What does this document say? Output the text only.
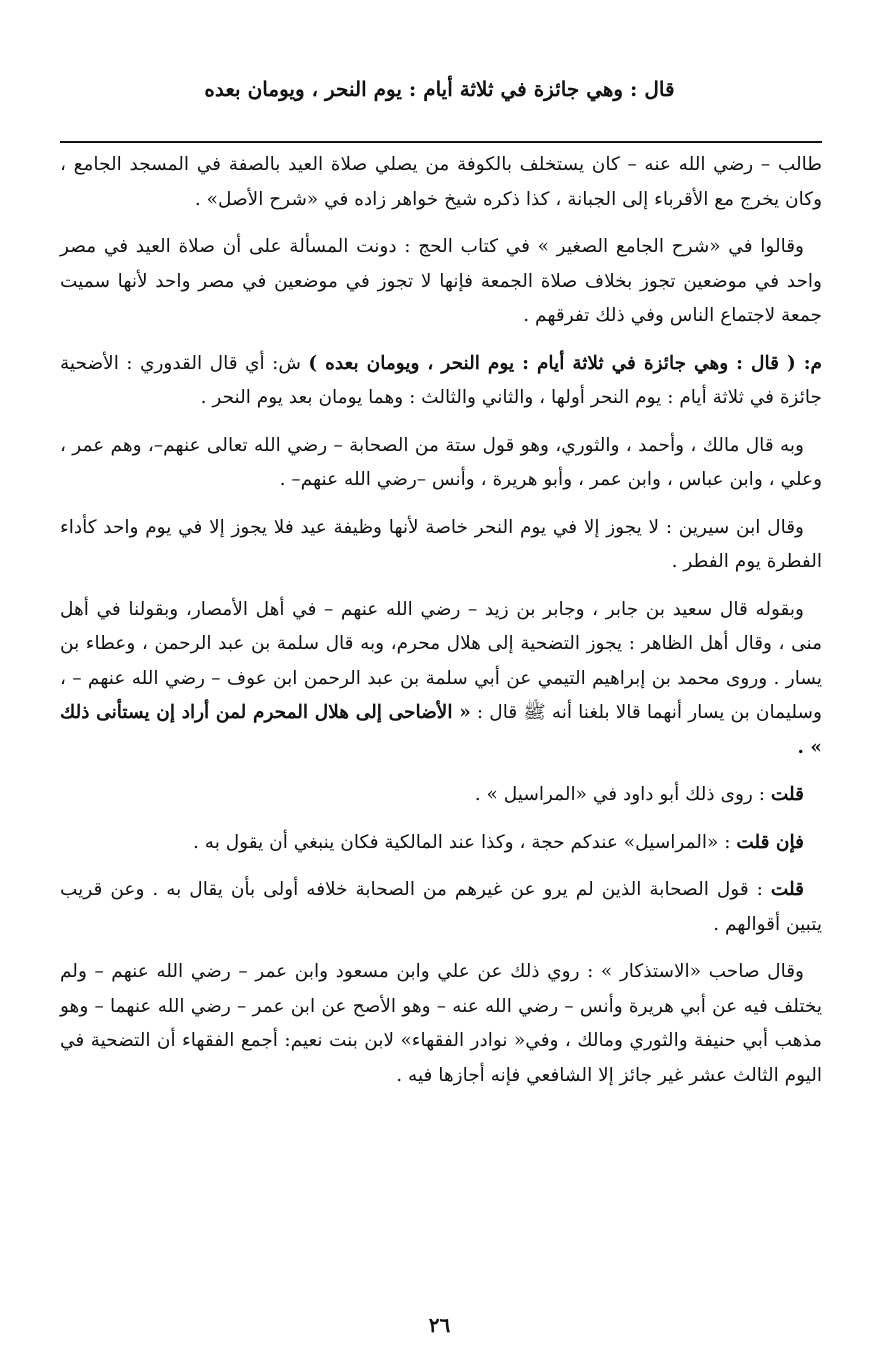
قال : وهي جائزة في ثلاثة أيام : يوم النحر ، ويومان بعده

طالب – رضي الله عنه – كان يستخلف بالكوفة من يصلي صلاة العيد بالصفة في المسجد الجامع ، وكان يخرج مع الأقرباء إلى الجبانة ، كذا ذكره شيخ خواهر زاده في «شرح الأصل» .

وقالوا في «شرح الجامع الصغير » في كتاب الحج : دونت المسألة على أن صلاة العيد في مصر واحد في موضعين تجوز بخلاف صلاة الجمعة فإنها لا تجوز في موضعين في مصر واحد لأنها سميت جمعة لاجتماع الناس وفي ذلك تفرقهم .

م: ( قال : وهي جائزة في ثلاثة أيام : يوم النحر ، ويومان بعده ) ش: أي قال القدوري : الأضحية جائزة في ثلاثة أيام : يوم النحر أولها ، والثاني والثالث : وهما يومان بعد يوم النحر .

وبه قال مالك ، وأحمد ، والثوري، وهو قول ستة من الصحابة – رضي الله تعالى عنهم–، وهم عمر ، وعلي ، وابن عباس ، وابن عمر ، وأبو هريرة ، وأنس –رضي الله عنهم– .

وقال ابن سيرين : لا يجوز إلا في يوم النحر خاصة لأنها وظيفة عيد فلا يجوز إلا في يوم واحد كأداء الفطرة يوم الفطر .

وبقوله قال سعيد بن جابر ، وجابر بن زيد – رضي الله عنهم – في أهل الأمصار، وبقولنا في أهل منى ، وقال أهل الظاهر : يجوز التضحية إلى هلال محرم، وبه قال سلمة بن عبد الرحمن ، وعطاء بن يسار . وروى محمد بن إبراهيم التيمي عن أبي سلمة بن عبد الرحمن ابن عوف – رضي الله عنهم – ، وسليمان بن يسار أنهما قالا بلغنا أنه ﷺ قال : « الأضاحى إلى هلال المحرم لمن أراد إن يستأنى ذلك » .

قلت : روى ذلك أبو داود في «المراسيل » .

فإن قلت : «المراسيل» عندكم حجة ، وكذا عند المالكية فكان ينبغي أن يقول به .

قلت : قول الصحابة الذين لم يرو عن غيرهم من الصحابة خلافه أولى بأن يقال به . وعن قريب يتبين أقوالهم .

وقال صاحب «الاستذكار » : روي ذلك عن علي وابن مسعود وابن عمر – رضي الله عنهم – ولم يختلف فيه عن أبي هريرة وأنس – رضي الله عنه – وهو الأصح عن ابن عمر – رضي الله عنهما – وهو مذهب أبي حنيفة والثوري ومالك ، وفي« نوادر الفقهاء» لابن بنت نعيم: أجمع الفقهاء أن التضحية في اليوم الثالث عشر غير جائز إلا الشافعي فإنه أجازها فيه .

٢٦
